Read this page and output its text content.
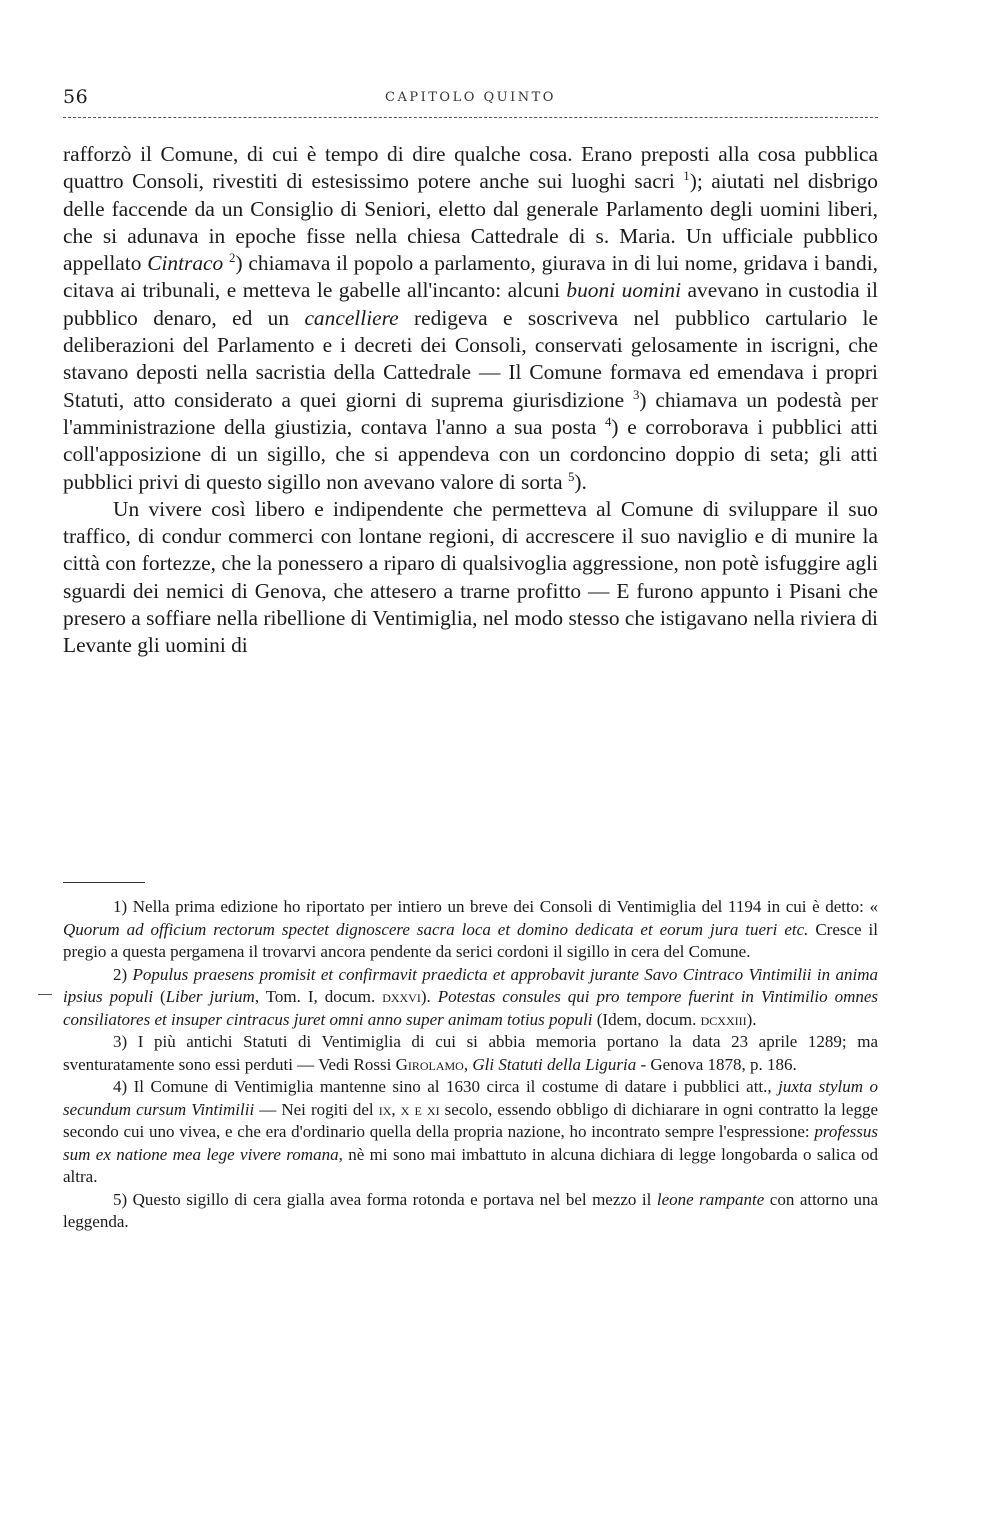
56	CAPITOLO QUINTO

rafforzò il Comune, di cui è tempo di dire qualche cosa. Erano preposti alla cosa pubblica quattro Consoli, rivestiti di estesissimo potere anche sui luoghi sacri $^1$); aiutati nel disbrigo delle faccende da un Consiglio di Seniori, eletto dal generale Parlamento degli uomini liberi, che si adunava in epoche fisse nella chiesa Cattedrale di s. Maria. Un ufficiale pubblico appellato Cintraco $^2$) chiamava il popolo a parlamento, giurava in di lui nome, gridava i bandi, citava ai tribunali, e metteva le gabelle all'incanto: alcuni buoni uomini avevano in custodia il pubblico denaro, ed un cancelliere redigeva e soscriveva nel pubblico cartulario le deliberazioni del Parlamento e i decreti dei Consoli, conservati gelosamente in iscrigni, che stavano deposti nella sacristia della Cattedrale — Il Comune formava ed emendava i propri Statuti, atto considerato a quei giorni di suprema giurisdizione $^3$) chiamava un podestà per l'amministrazione della giustizia, contava l'anno a sua posta $^4$) e corroborava i pubblici atti coll'apposizione di un sigillo, che si appendeva con un cordoncino doppio di seta; gli atti pubblici privi di questo sigillo non avevano valore di sorta $^5$).

Un vivere così libero e indipendente che permetteva al Comune di sviluppare il suo traffico, di condur commerci con lontane regioni, di accrescere il suo naviglio e di munire la città con fortezze, che la ponessero a riparo di qualsivoglia aggressione, non potè isfuggire agli sguardi dei nemici di Genova, che attesero a trarne profitto — E furono appunto i Pisani che presero a soffiare nella ribellione di Ventimiglia, nel modo stesso che istigavano nella riviera di Levante gli uomini di

1) Nella prima edizione ho riportato per intiero un breve dei Consoli di Ventimiglia del 1194 in cui è detto: « Quorum ad officium rectorum spectet dignoscere sacra loca et domino dedicata et eorum jura tueri etc. Cresce il pregio a questa pergamena il trovarvi ancora pendente da serici cordoni il sigillo in cera del Comune.

2) Populus praesens promisit et confirmavit praedicta et approbavit jurante Savo Cintraco Vintimilii in anima ipsius populi (Liber jurium, Tom. I, docum. dxxvi). Potestas consules qui pro tempore fuerint in Vintimilio omnes consiliatores et insuper cintracus juret omni anno super animam totius populi (Idem, docum. dcxxiii).

3) I più antichi Statuti di Ventimiglia di cui si abbia memoria portano la data 23 aprile 1289; ma sventuratamente sono essi perduti — Vedi Rossi Girolamo, Gli Statuti della Liguria - Genova 1878, p. 186.

4) Il Comune di Ventimiglia mantenne sino al 1630 circa il costume di datare i pubblici att., juxta stylum o secundum cursum Vintimilii — Nei rogiti del ix, x e xi secolo, essendo obbligo di dichiarare in ogni contratto la legge secondo cui uno vivea, e che era d'ordinario quella della propria nazione, ho incontrato sempre l'espressione: professus sum ex natione mea lege vivere romana, nè mi sono mai imbattuto in alcuna dichiara di legge longobarda o salica od altra.

5) Questo sigillo di cera gialla avea forma rotonda e portava nel bel mezzo il leone rampante con attorno una leggenda.
